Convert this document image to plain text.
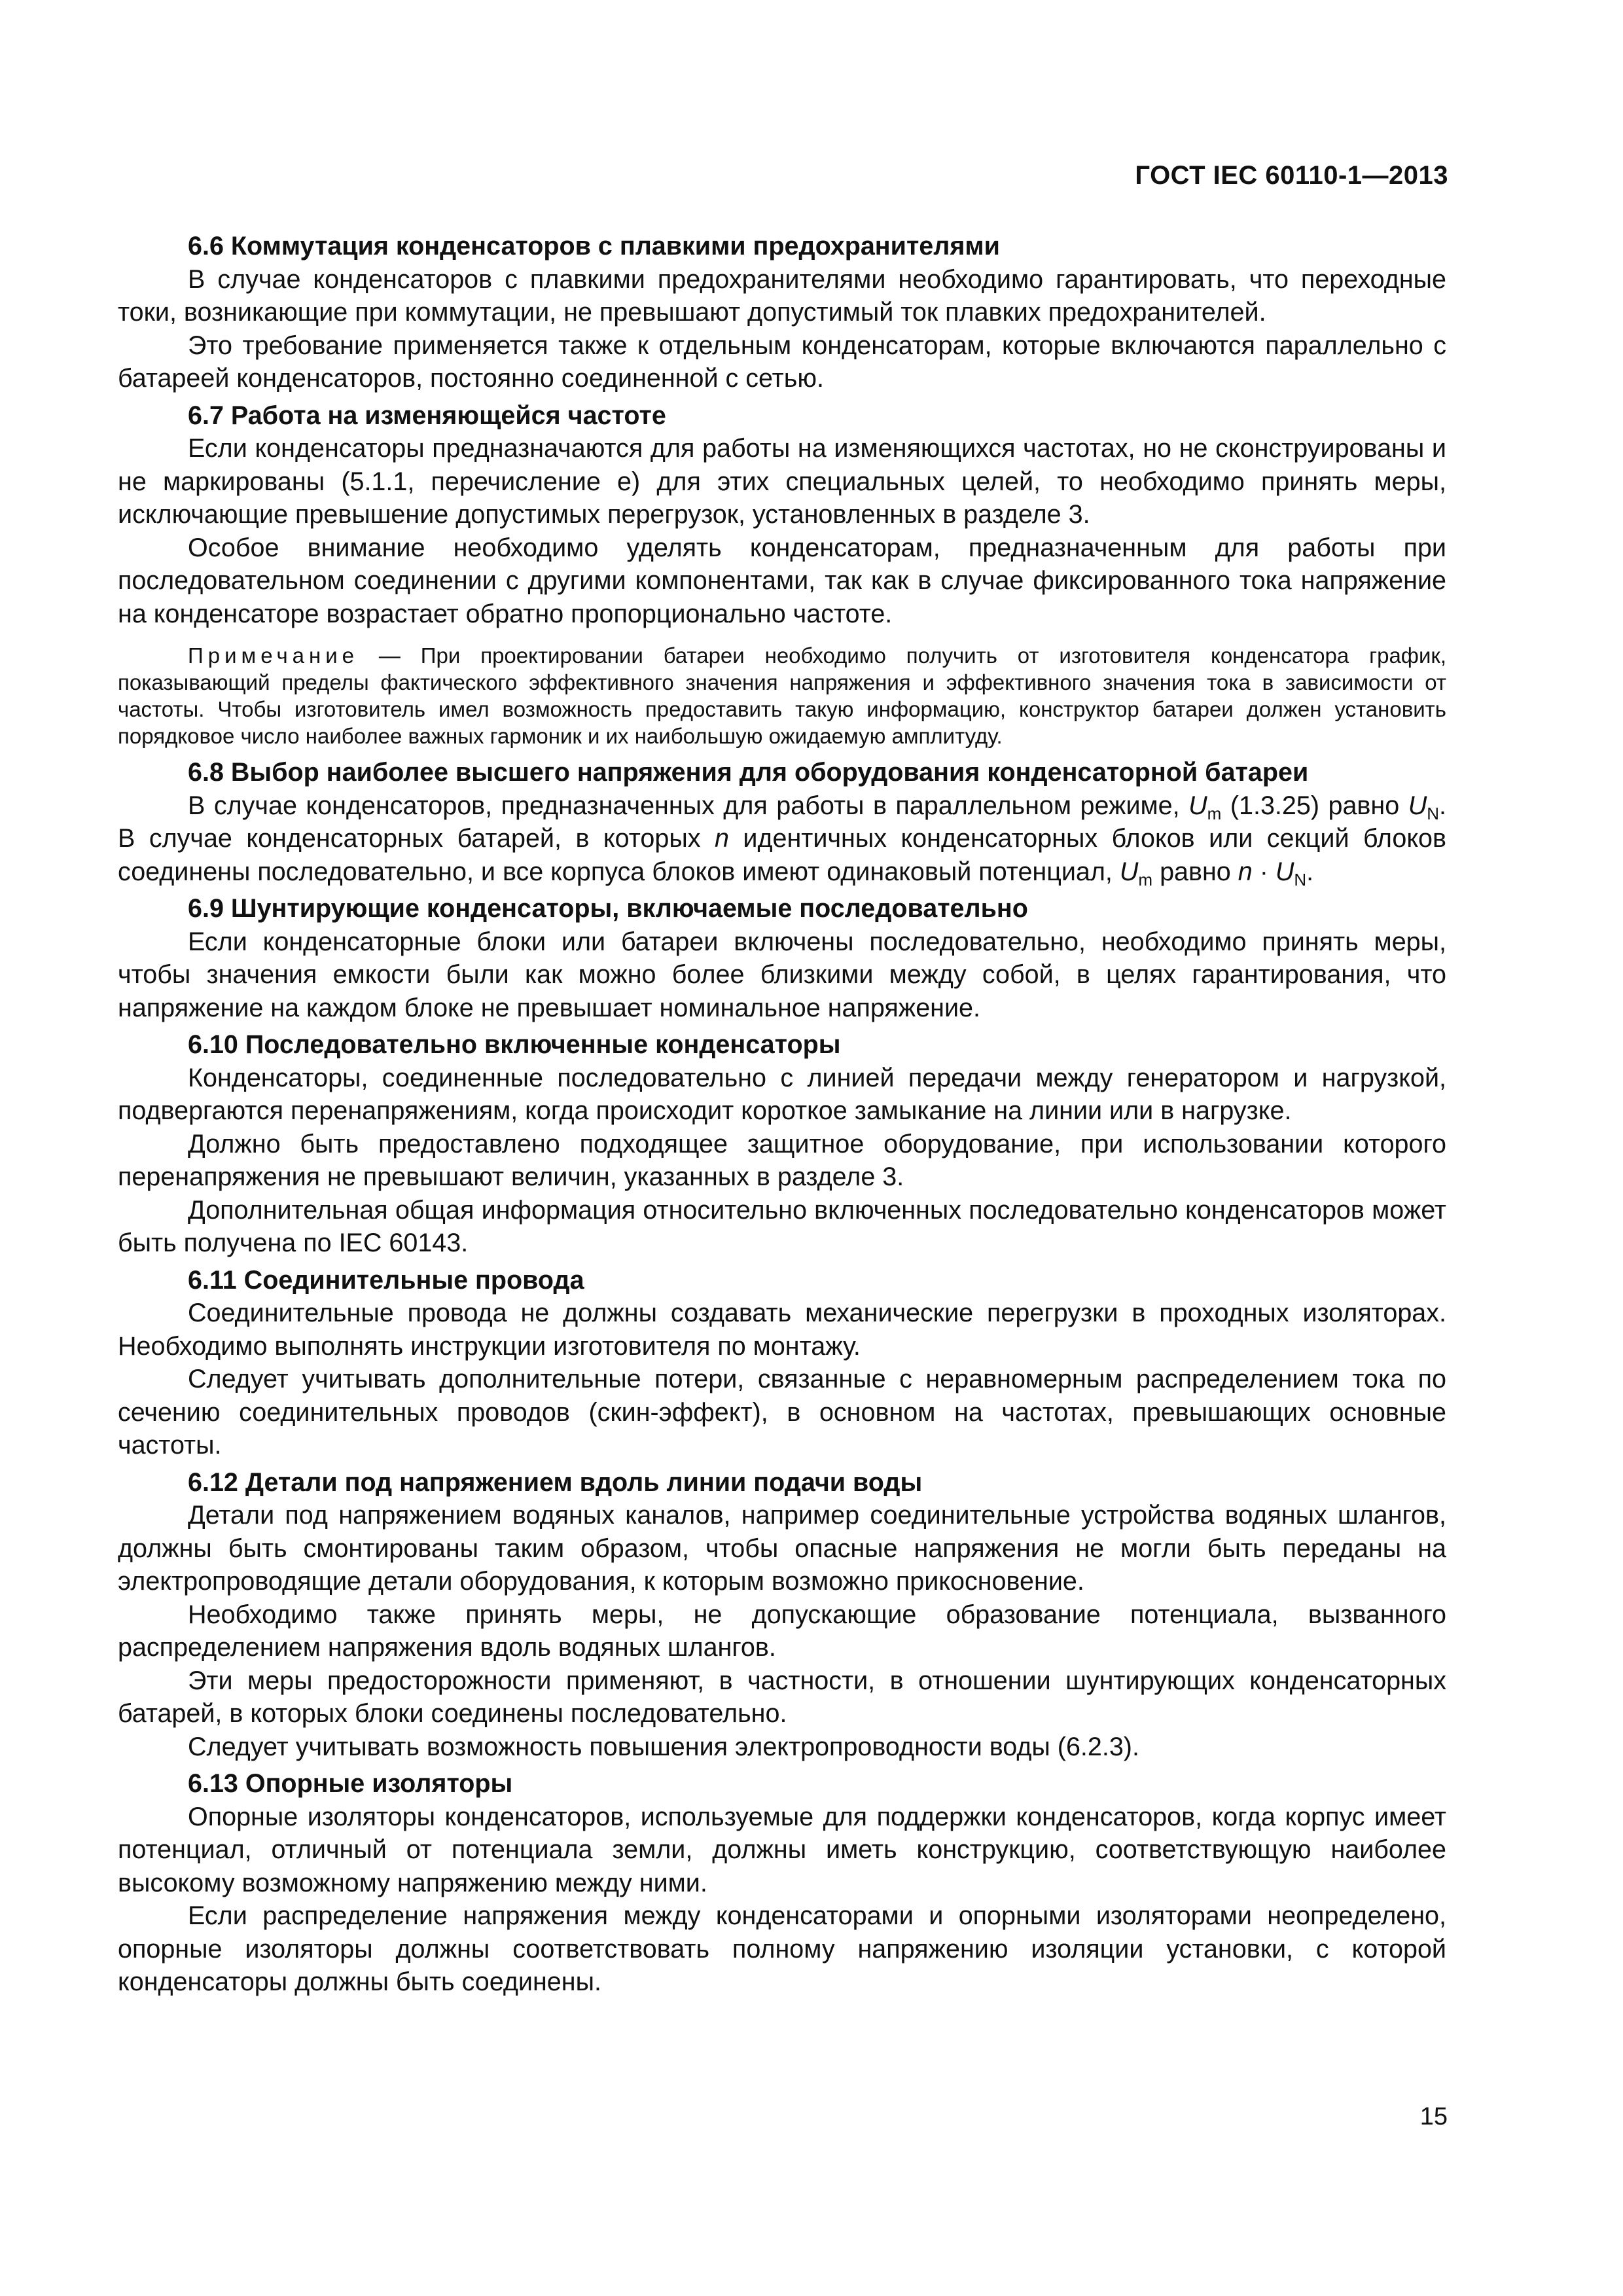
ГОСТ IEC 60110-1—2013
6.6 Коммутация конденсаторов с плавкими предохранителями

В случае конденсаторов с плавкими предохранителями необходимо гарантировать, что переходные токи, возникающие при коммутации, не превышают допустимый ток плавких предохранителей.

Это требование применяется также к отдельным конденсаторам, которые включаются параллельно с батареей конденсаторов, постоянно соединенной с сетью.

6.7 Работа на изменяющейся частоте

Если конденсаторы предназначаются для работы на изменяющихся частотах, но не сконструированы и не маркированы (5.1.1, перечисление е) для этих специальных целей, то необходимо принять меры, исключающие превышение допустимых перегрузок, установленных в разделе 3.

Особое внимание необходимо уделять конденсаторам, предназначенным для работы при последовательном соединении с другими компонентами, так как в случае фиксированного тока напряжение на конденсаторе возрастает обратно пропорционально частоте.

Примечание — При проектировании батареи необходимо получить от изготовителя конденсатора график, показывающий пределы фактического эффективного значения напряжения и эффективного значения тока в зависимости от частоты. Чтобы изготовитель имел возможность предоставить такую информацию, конструктор батареи должен установить порядковое число наиболее важных гармоник и их наибольшую ожидаемую амплитуду.

6.8 Выбор наиболее высшего напряжения для оборудования конденсаторной батареи

В случае конденсаторов, предназначенных для работы в параллельном режиме, $U_m$ (1.3.25) равно $U_N$. В случае конденсаторных батарей, в которых n идентичных конденсаторных блоков или секций блоков соединены последовательно, и все корпуса блоков имеют одинаковый потенциал, $U_m$ равно $n \cdot U_N$.

6.9 Шунтирующие конденсаторы, включаемые последовательно

Если конденсаторные блоки или батареи включены последовательно, необходимо принять меры, чтобы значения емкости были как можно более близкими между собой, в целях гарантирования, что напряжение на каждом блоке не превышает номинальное напряжение.

6.10 Последовательно включенные конденсаторы

Конденсаторы, соединенные последовательно с линией передачи между генератором и нагрузкой, подвергаются перенапряжениям, когда происходит короткое замыкание на линии или в нагрузке.

Должно быть предоставлено подходящее защитное оборудование, при использовании которого перенапряжения не превышают величин, указанных в разделе 3.

Дополнительная общая информация относительно включенных последовательно конденсаторов может быть получена по IEC 60143.

6.11 Соединительные провода

Соединительные провода не должны создавать механические перегрузки в проходных изоляторах. Необходимо выполнять инструкции изготовителя по монтажу.

Следует учитывать дополнительные потери, связанные с неравномерным распределением тока по сечению соединительных проводов (скин-эффект), в основном на частотах, превышающих основные частоты.

6.12 Детали под напряжением вдоль линии подачи воды

Детали под напряжением водяных каналов, например соединительные устройства водяных шлангов, должны быть смонтированы таким образом, чтобы опасные напряжения не могли быть переданы на электропроводящие детали оборудования, к которым возможно прикосновение.

Необходимо также принять меры, не допускающие образование потенциала, вызванного распределением напряжения вдоль водяных шлангов.

Эти меры предосторожности применяют, в частности, в отношении шунтирующих конденсаторных батарей, в которых блоки соединены последовательно.

Следует учитывать возможность повышения электропроводности воды (6.2.3).

6.13 Опорные изоляторы

Опорные изоляторы конденсаторов, используемые для поддержки конденсаторов, когда корпус имеет потенциал, отличный от потенциала земли, должны иметь конструкцию, соответствующую наиболее высокому возможному напряжению между ними.

Если распределение напряжения между конденсаторами и опорными изоляторами неопределено, опорные изоляторы должны соответствовать полному напряжению изоляции установки, с которой конденсаторы должны быть соединены.

15
